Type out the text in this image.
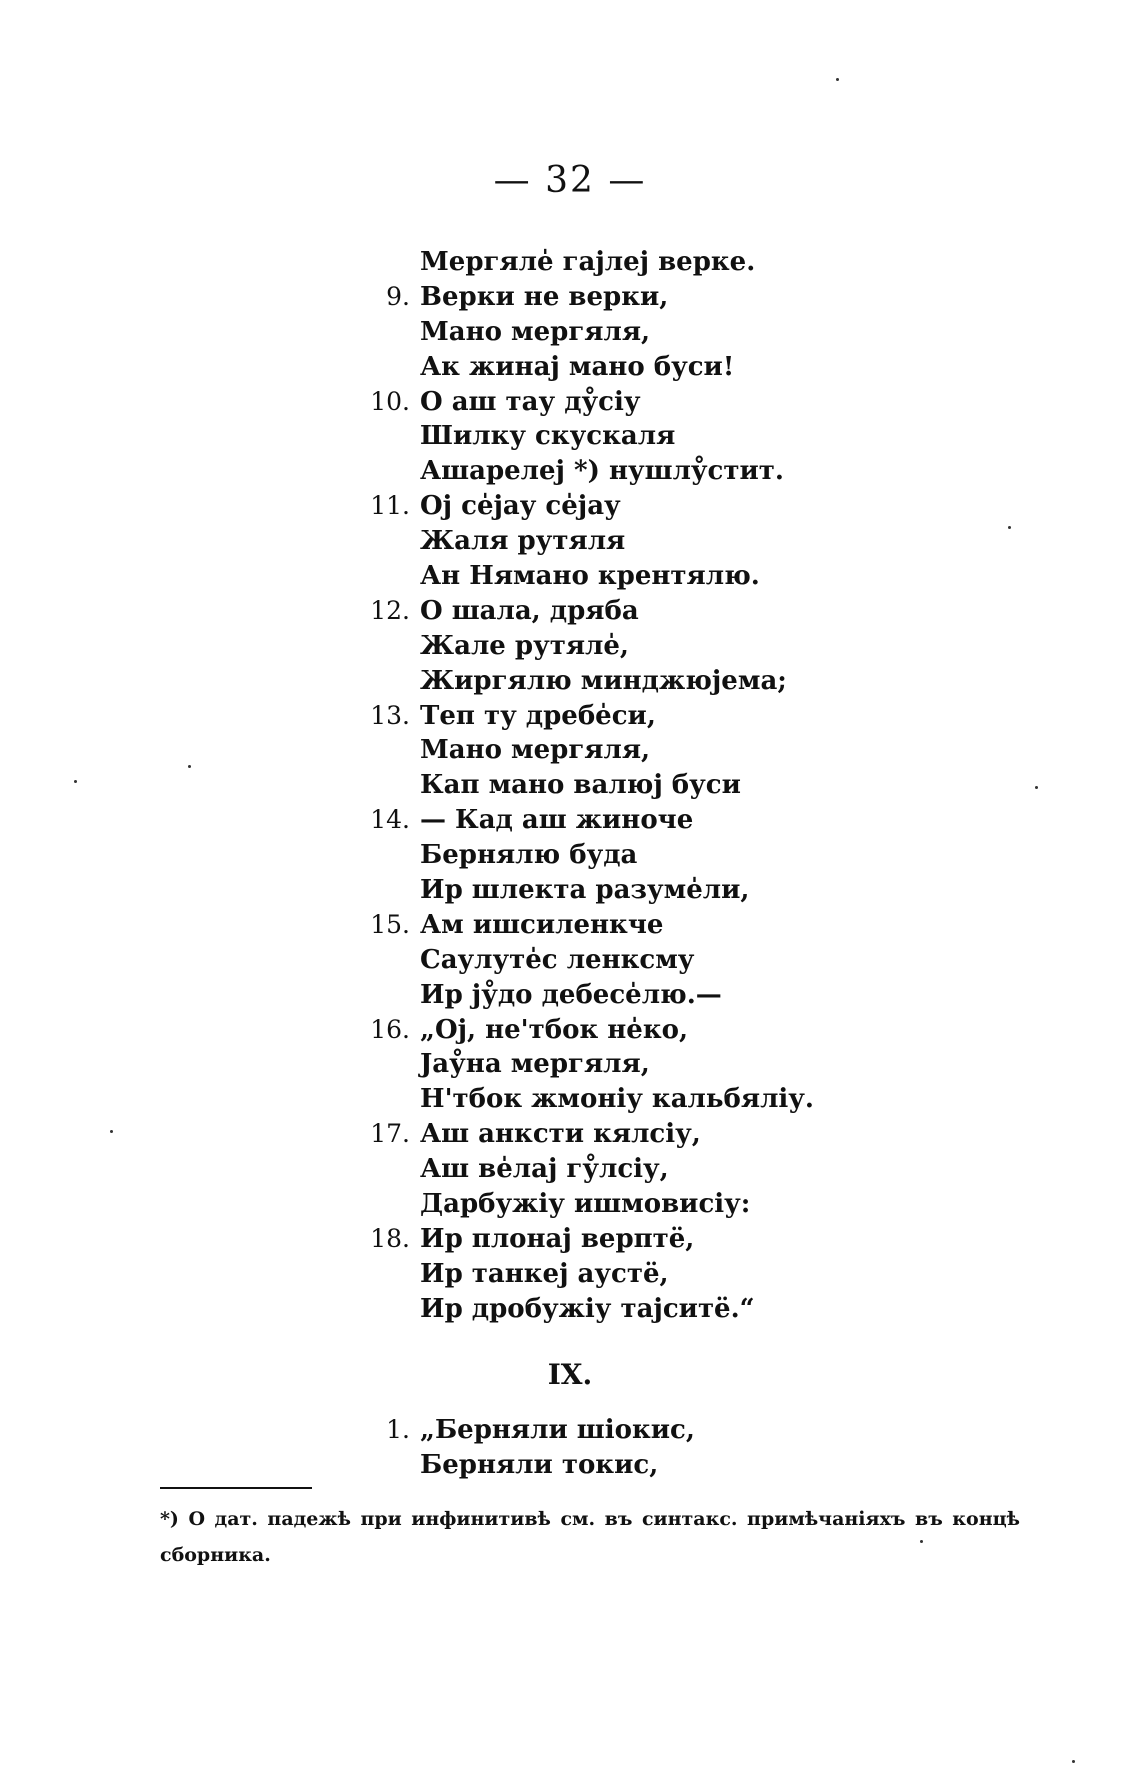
— 32 —
Мергяле̍ гајлеј верке.
9. Верки не верки,
Мано мергяля,
Ак жинај мано буси!
10. О аш тау ду̊сіу
Шилку скускаля
Ашарелеј *) нушлу̊стит.
11. Ој се̍јау се̍јау
Жаля рутяля
Ан Нямано крентялю.
12. О шала, дряба
Жале рутяле̍,
Жиргялю минджюјема;
13. Теп ту дребе̍си,
Мано мергяля,
Кап мано валюј буси
14. — Кад аш жиноче
Бернялю буда
Ир шлекта разуме̍ли,
15. Ам ишсиленкче
Саулуте̍с ленксму
Ир ју̊до дебесе̍лю.—
16. „Ој, не'тбок не̍ко,
Јау̊на мергяля,
Н'тбок жмоніу кальбяліу.
17. Аш анксти кялсіу,
Аш ве̍лај гу̊лсіу,
Дарбужіу ишмовисіу:
18. Ир плонај верптё,
Ир танкеј ауcтё,
Ир дробужіу тајситё.“
IX.
1. „Берняли шіокис,
Берняли токис,
*) О дат. падежѣ при инфинитивѣ см. въ синтакс. примѣчаніяхъ въ концѣ сборника.
